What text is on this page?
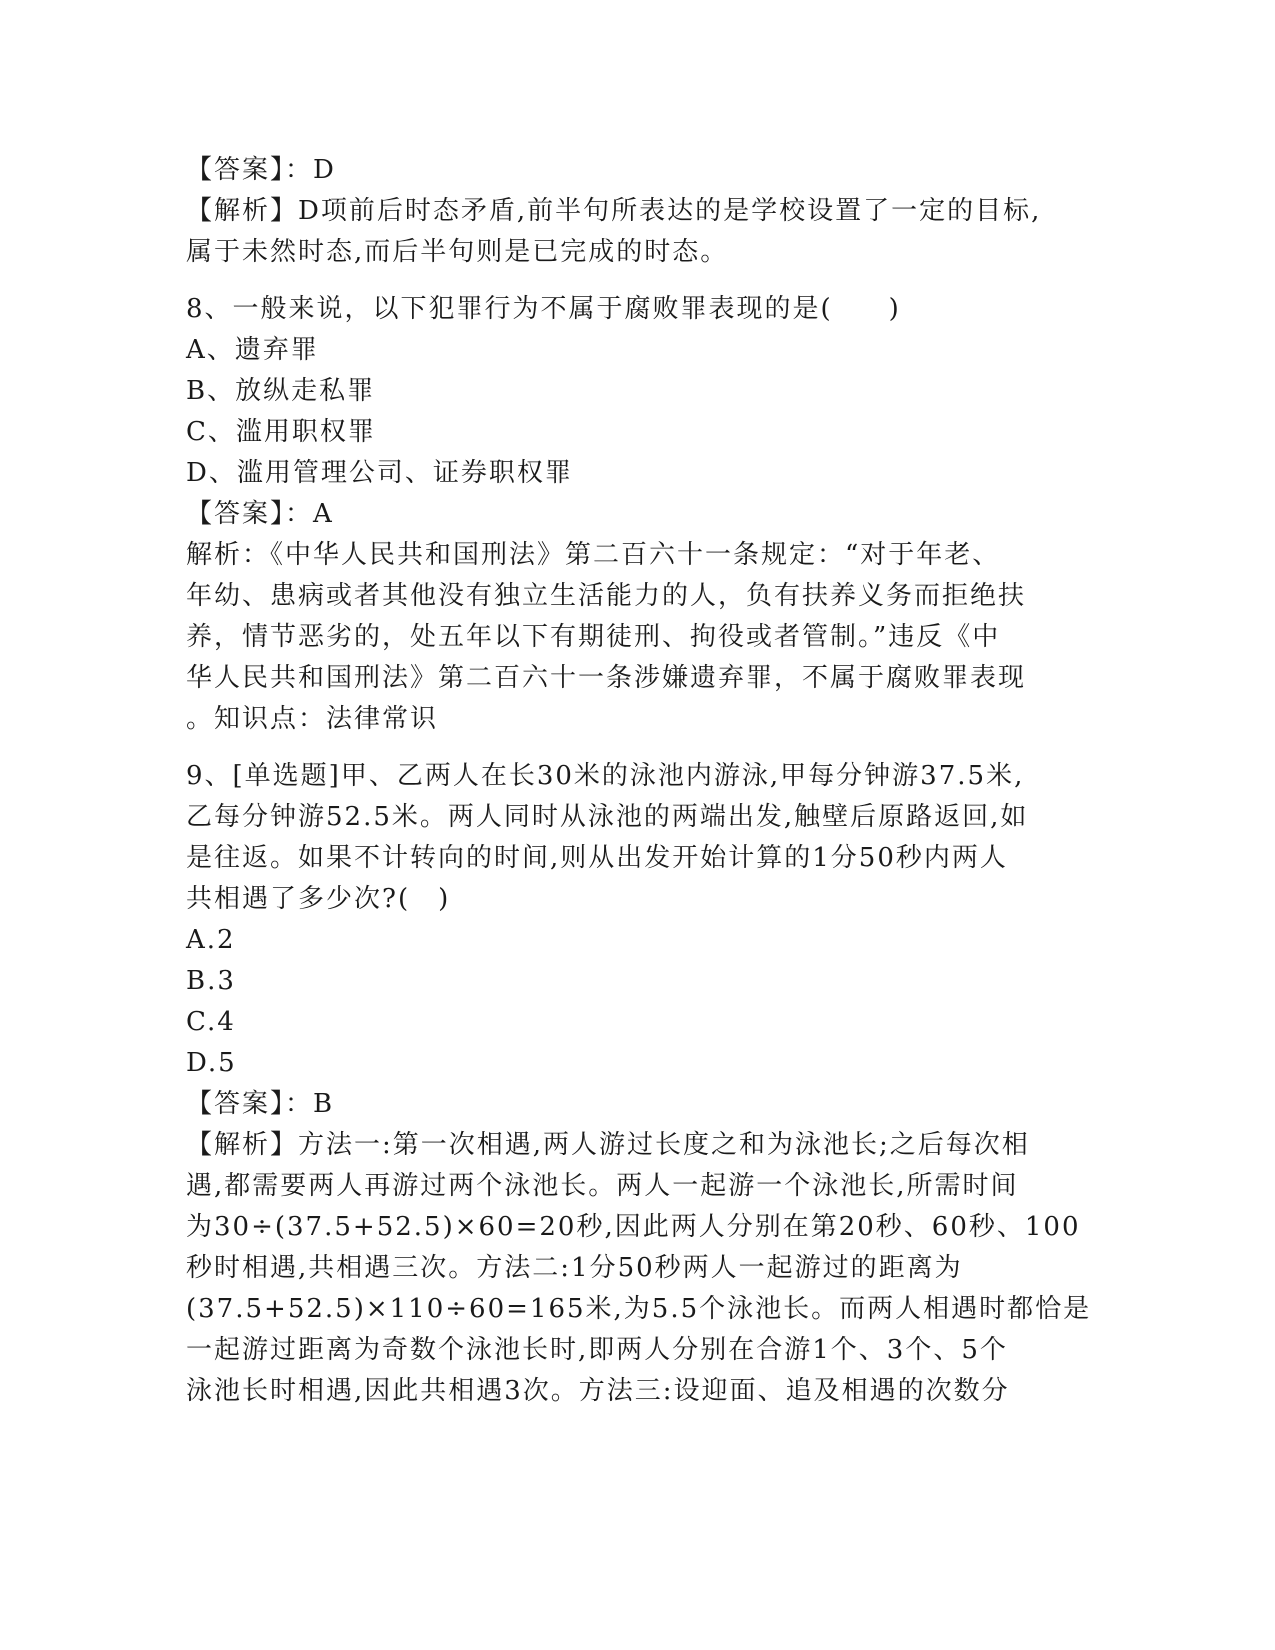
【答案】：D
【解析】D项前后时态矛盾,前半句所表达的是学校设置了一定的目标,
属于未然时态,而后半句则是已完成的时态。
8、一般来说，以下犯罪行为不属于腐败罪表现的是(　　)
A、遗弃罪
B、放纵走私罪
C、滥用职权罪
D、滥用管理公司、证券职权罪
【答案】：A
解析：《中华人民共和国刑法》第二百六十一条规定：“对于年老、
年幼、患病或者其他没有独立生活能力的人，负有扶养义务而拒绝扶
养，情节恶劣的，处五年以下有期徒刑、拘役或者管制。”违反《中
华人民共和国刑法》第二百六十一条涉嫌遗弃罪，不属于腐败罪表现
。知识点：法律常识
9、[单选题]甲、乙两人在长30米的泳池内游泳,甲每分钟游37.5米,
乙每分钟游52.5米。两人同时从泳池的两端出发,触壁后原路返回,如
是往返。如果不计转向的时间,则从出发开始计算的1分50秒内两人
共相遇了多少次?(　)
A.2
B.3
C.4
D.5
【答案】：B
【解析】方法一:第一次相遇,两人游过长度之和为泳池长;之后每次相
遇,都需要两人再游过两个泳池长。两人一起游一个泳池长,所需时间
为30÷(37.5+52.5)×60=20秒,因此两人分别在第20秒、60秒、100
秒时相遇,共相遇三次。方法二:1分50秒两人一起游过的距离为
(37.5+52.5)×110÷60=165米,为5.5个泳池长。而两人相遇时都恰是
一起游过距离为奇数个泳池长时,即两人分别在合游1个、3个、5个
泳池长时相遇,因此共相遇3次。方法三:设迎面、追及相遇的次数分
